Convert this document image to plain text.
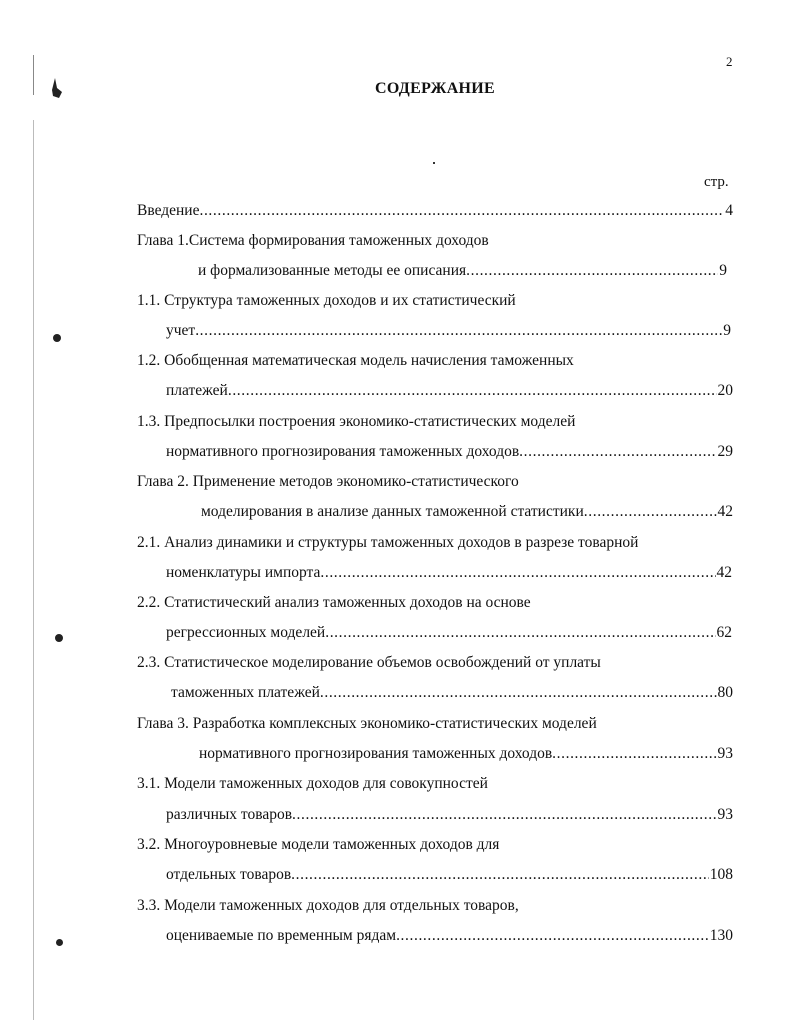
2
СОДЕРЖАНИЕ
стр.
Введение .....	4
Глава 1.Система формирования таможенных доходов
и формализованные методы ее описания .....	9
1.1. Структура таможенных доходов и их статистический
учет .....	9
1.2. Обобщенная математическая модель начисления таможенных
платежей .....	20
1.3. Предпосылки построения экономико-статистических моделей
нормативного прогнозирования таможенных доходов .....	29
Глава 2. Применение методов экономико-статистического
моделирования в анализе данных таможенной статистики .....	42
2.1. Анализ динамики и структуры таможенных доходов в разрезе товарной
номенклатуры импорта .....	42
2.2. Статистический анализ таможенных доходов на основе
регрессионных моделей .....	62
2.3. Статистическое моделирование объемов освобождений от уплаты
таможенных платежей .....	80
Глава 3. Разработка комплексных экономико-статистических моделей
нормативного прогнозирования таможенных доходов .....	93
3.1. Модели таможенных доходов для совокупностей
различных товаров .....	93
3.2. Многоуровневые модели таможенных доходов для
отдельных товаров .....	108
3.3. Модели таможенных доходов для отдельных товаров,
оцениваемые по временным рядам .....	130
